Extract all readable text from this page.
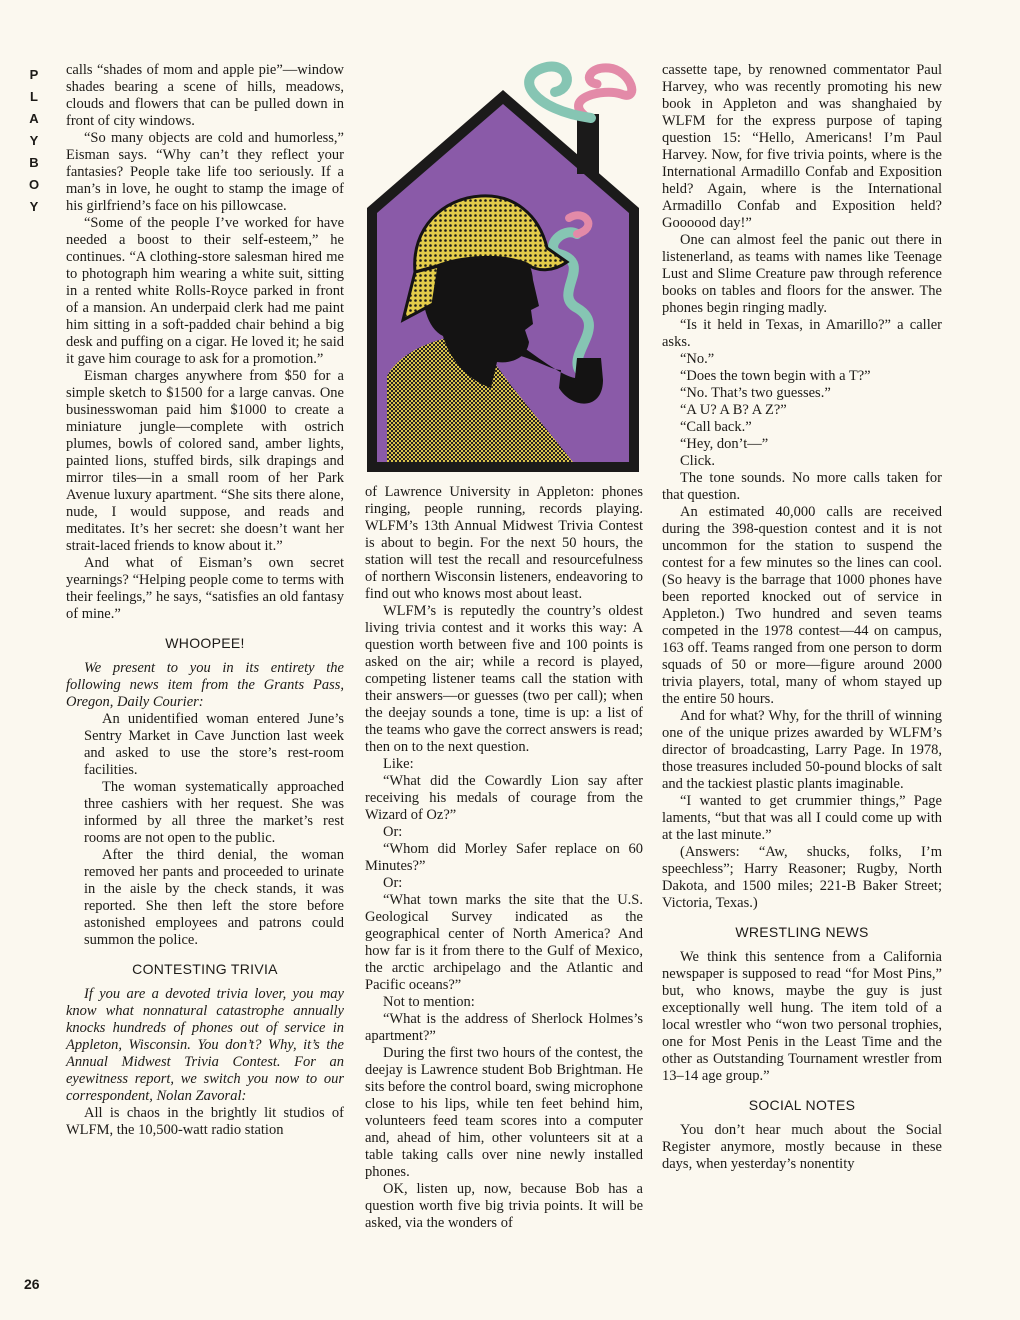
P
L
A
Y
B
O
Y
26

calls “shades of mom and apple pie”—window shades bearing a scene of hills, meadows, clouds and flowers that can be pulled down in front of city windows.

“So many objects are cold and humorless,” Eisman says. “Why can’t they reflect your fantasies? People take life too seriously. If a man’s in love, he ought to stamp the image of his girlfriend’s face on his pillowcase.

“Some of the people I’ve worked for have needed a boost to their self-esteem,” he continues. “A clothing-store salesman hired me to photograph him wearing a white suit, sitting in a rented white Rolls-Royce parked in front of a mansion. An underpaid clerk had me paint him sitting in a soft-padded chair behind a big desk and puffing on a cigar. He loved it; he said it gave him courage to ask for a promotion.”

Eisman charges anywhere from $50 for a simple sketch to $1500 for a large canvas. One businesswoman paid him $1000 to create a miniature jungle—complete with ostrich plumes, bowls of colored sand, amber lights, painted lions, stuffed birds, silk drapings and mirror tiles—in a small room of her Park Avenue luxury apartment. “She sits there alone, nude, I would suppose, and reads and meditates. It’s her secret: she doesn’t want her strait-laced friends to know about it.”

And what of Eisman’s own secret yearnings? “Helping people come to terms with their feelings,” he says, “satisfies an old fantasy of mine.”

WHOOPEE!

We present to you in its entirety the following news item from the Grants Pass, Oregon, Daily Courier:

An unidentified woman entered June’s Sentry Market in Cave Junction last week and asked to use the store’s rest-room facilities.

The woman systematically approached three cashiers with her request. She was informed by all three the market’s rest rooms are not open to the public.

After the third denial, the woman removed her pants and proceeded to urinate in the aisle by the check stands, it was reported. She then left the store before astonished employees and patrons could summon the police.

CONTESTING TRIVIA

If you are a devoted trivia lover, you may know what nonnatural catastrophe annually knocks hundreds of phones out of service in Appleton, Wisconsin. You don’t? Why, it’s the Annual Midwest Trivia Contest. For an eyewitness report, we switch you now to our correspondent, Nolan Zavoral:

All is chaos in the brightly lit studios of WLFM, the 10,500-watt radio station

of Lawrence University in Appleton: phones ringing, people running, records playing. WLFM’s 13th Annual Midwest Trivia Contest is about to begin. For the next 50 hours, the station will test the recall and resourcefulness of northern Wisconsin listeners, endeavoring to find out who knows most about least.

WLFM’s is reputedly the country’s oldest living trivia contest and it works this way: A question worth between five and 100 points is asked on the air; while a record is played, competing listener teams call the station with their answers—or guesses (two per call); when the deejay sounds a tone, time is up: a list of the teams who gave the correct answers is read; then on to the next question.

Like:

“What did the Cowardly Lion say after receiving his medals of courage from the Wizard of Oz?”

Or:

“Whom did Morley Safer replace on 60 Minutes?”

Or:

“What town marks the site that the U.S. Geological Survey indicated as the geographical center of North America? And how far is it from there to the Gulf of Mexico, the arctic archipelago and the Atlantic and Pacific oceans?”

Not to mention:

“What is the address of Sherlock Holmes’s apartment?”

During the first two hours of the contest, the deejay is Lawrence student Bob Brightman. He sits before the control board, swing microphone close to his lips, while ten feet behind him, volunteers feed team scores into a computer and, ahead of him, other volunteers sit at a table taking calls over nine newly installed phones.

OK, listen up, now, because Bob has a question worth five big trivia points. It will be asked, via the wonders of

cassette tape, by renowned commentator Paul Harvey, who was recently promoting his new book in Appleton and was shanghaied by WLFM for the express purpose of taping question 15: “Hello, Americans! I’m Paul Harvey. Now, for five trivia points, where is the International Armadillo Confab and Exposition held? Again, where is the International Armadillo Confab and Exposition held? Goooood day!”

One can almost feel the panic out there in listenerland, as teams with names like Teenage Lust and Slime Creature paw through reference books on tables and floors for the answer. The phones begin ringing madly.

“Is it held in Texas, in Amarillo?” a caller asks.

“No.”

“Does the town begin with a T?”

“No. That’s two guesses.”

“A U? A B? A Z?”

“Call back.”

“Hey, don’t—”

Click.

The tone sounds. No more calls taken for that question.

An estimated 40,000 calls are received during the 398-question contest and it is not uncommon for the station to suspend the contest for a few minutes so the lines can cool. (So heavy is the barrage that 1000 phones have been reported knocked out of service in Appleton.) Two hundred and seven teams competed in the 1978 contest—44 on campus, 163 off. Teams ranged from one person to dorm squads of 50 or more—figure around 2000 trivia players, total, many of whom stayed up the entire 50 hours.

And for what? Why, for the thrill of winning one of the unique prizes awarded by WLFM’s director of broadcasting, Larry Page. In 1978, those treasures included 50-pound blocks of salt and the tackiest plastic plants imaginable.

“I wanted to get crummier things,” Page laments, “but that was all I could come up with at the last minute.”

(Answers: “Aw, shucks, folks, I’m speechless”; Harry Reasoner; Rugby, North Dakota, and 1500 miles; 221-B Baker Street; Victoria, Texas.)

WRESTLING NEWS

We think this sentence from a California newspaper is supposed to read “for Most Pins,” but, who knows, maybe the guy is just exceptionally well hung. The item told of a local wrestler who “won two personal trophies, one for Most Penis in the Least Time and the other as Outstanding Tournament wrestler from 13–14 age group.”

SOCIAL NOTES

You don’t hear much about the Social Register anymore, mostly because in these days, when yesterday’s nonentity
